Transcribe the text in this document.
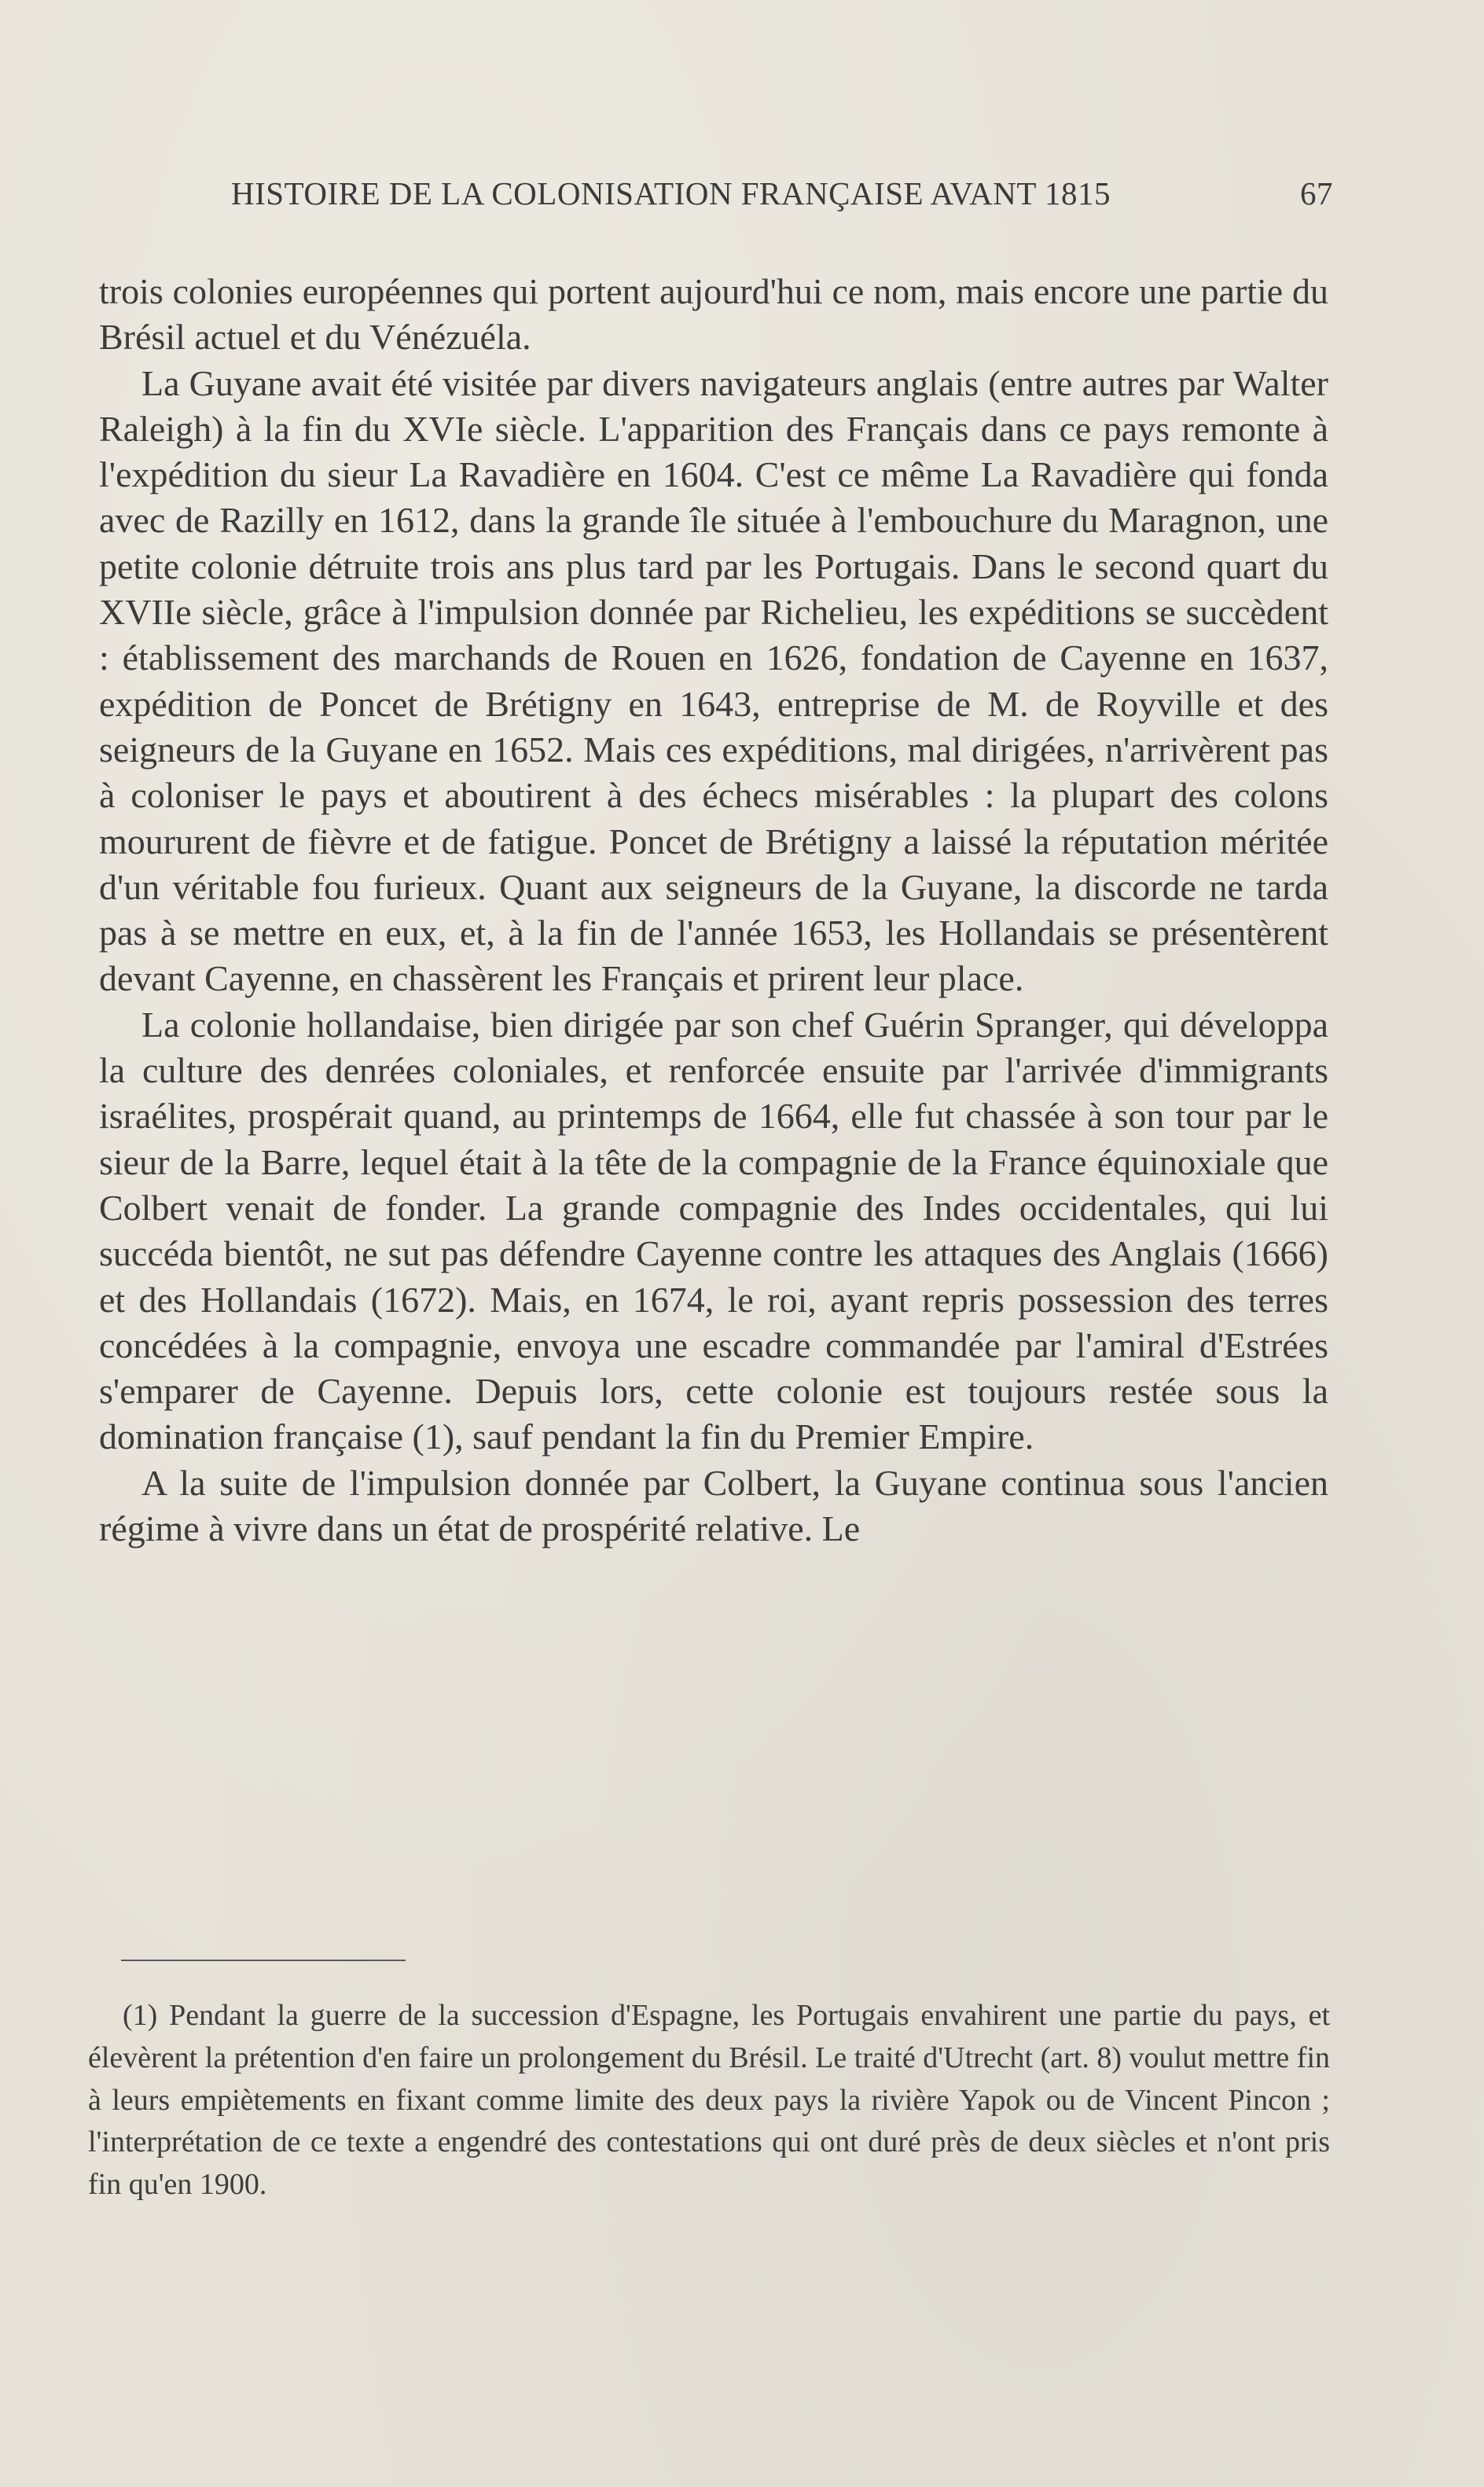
HISTOIRE DE LA COLONISATION FRANÇAISE AVANT 1815	67

trois colonies européennes qui portent aujourd'hui ce nom, mais encore une partie du Brésil actuel et du Vénézuéla.

La Guyane avait été visitée par divers navigateurs anglais (entre autres par Walter Raleigh) à la fin du XVIe siècle. L'apparition des Français dans ce pays remonte à l'expédition du sieur La Ravadière en 1604. C'est ce même La Ravadière qui fonda avec de Razilly en 1612, dans la grande île située à l'embouchure du Maragnon, une petite colonie détruite trois ans plus tard par les Portugais. Dans le second quart du XVIIe siècle, grâce à l'impulsion donnée par Richelieu, les expéditions se succèdent : établissement des marchands de Rouen en 1626, fondation de Cayenne en 1637, expédition de Poncet de Brétigny en 1643, entreprise de M. de Royville et des seigneurs de la Guyane en 1652. Mais ces expéditions, mal dirigées, n'arrivèrent pas à coloniser le pays et aboutirent à des échecs misérables : la plupart des colons moururent de fièvre et de fatigue. Poncet de Brétigny a laissé la réputation méritée d'un véritable fou furieux. Quant aux seigneurs de la Guyane, la discorde ne tarda pas à se mettre en eux, et, à la fin de l'année 1653, les Hollandais se présentèrent devant Cayenne, en chassèrent les Français et prirent leur place.

La colonie hollandaise, bien dirigée par son chef Guérin Spranger, qui développa la culture des denrées coloniales, et renforcée ensuite par l'arrivée d'immigrants israélites, prospérait quand, au printemps de 1664, elle fut chassée à son tour par le sieur de la Barre, lequel était à la tête de la compagnie de la France équinoxiale que Colbert venait de fonder. La grande compagnie des Indes occidentales, qui lui succéda bientôt, ne sut pas défendre Cayenne contre les attaques des Anglais (1666) et des Hollandais (1672). Mais, en 1674, le roi, ayant repris possession des terres concédées à la compagnie, envoya une escadre commandée par l'amiral d'Estrées s'emparer de Cayenne. Depuis lors, cette colonie est toujours restée sous la domination française (1), sauf pendant la fin du Premier Empire.

A la suite de l'impulsion donnée par Colbert, la Guyane continua sous l'ancien régime à vivre dans un état de prospérité relative. Le

(1) Pendant la guerre de la succession d'Espagne, les Portugais envahirent une partie du pays, et élevèrent la prétention d'en faire un prolongement du Brésil. Le traité d'Utrecht (art. 8) voulut mettre fin à leurs empiètements en fixant comme limite des deux pays la rivière Yapok ou de Vincent Pincon ; l'interprétation de ce texte a engendré des contestations qui ont duré près de deux siècles et n'ont pris fin qu'en 1900.
